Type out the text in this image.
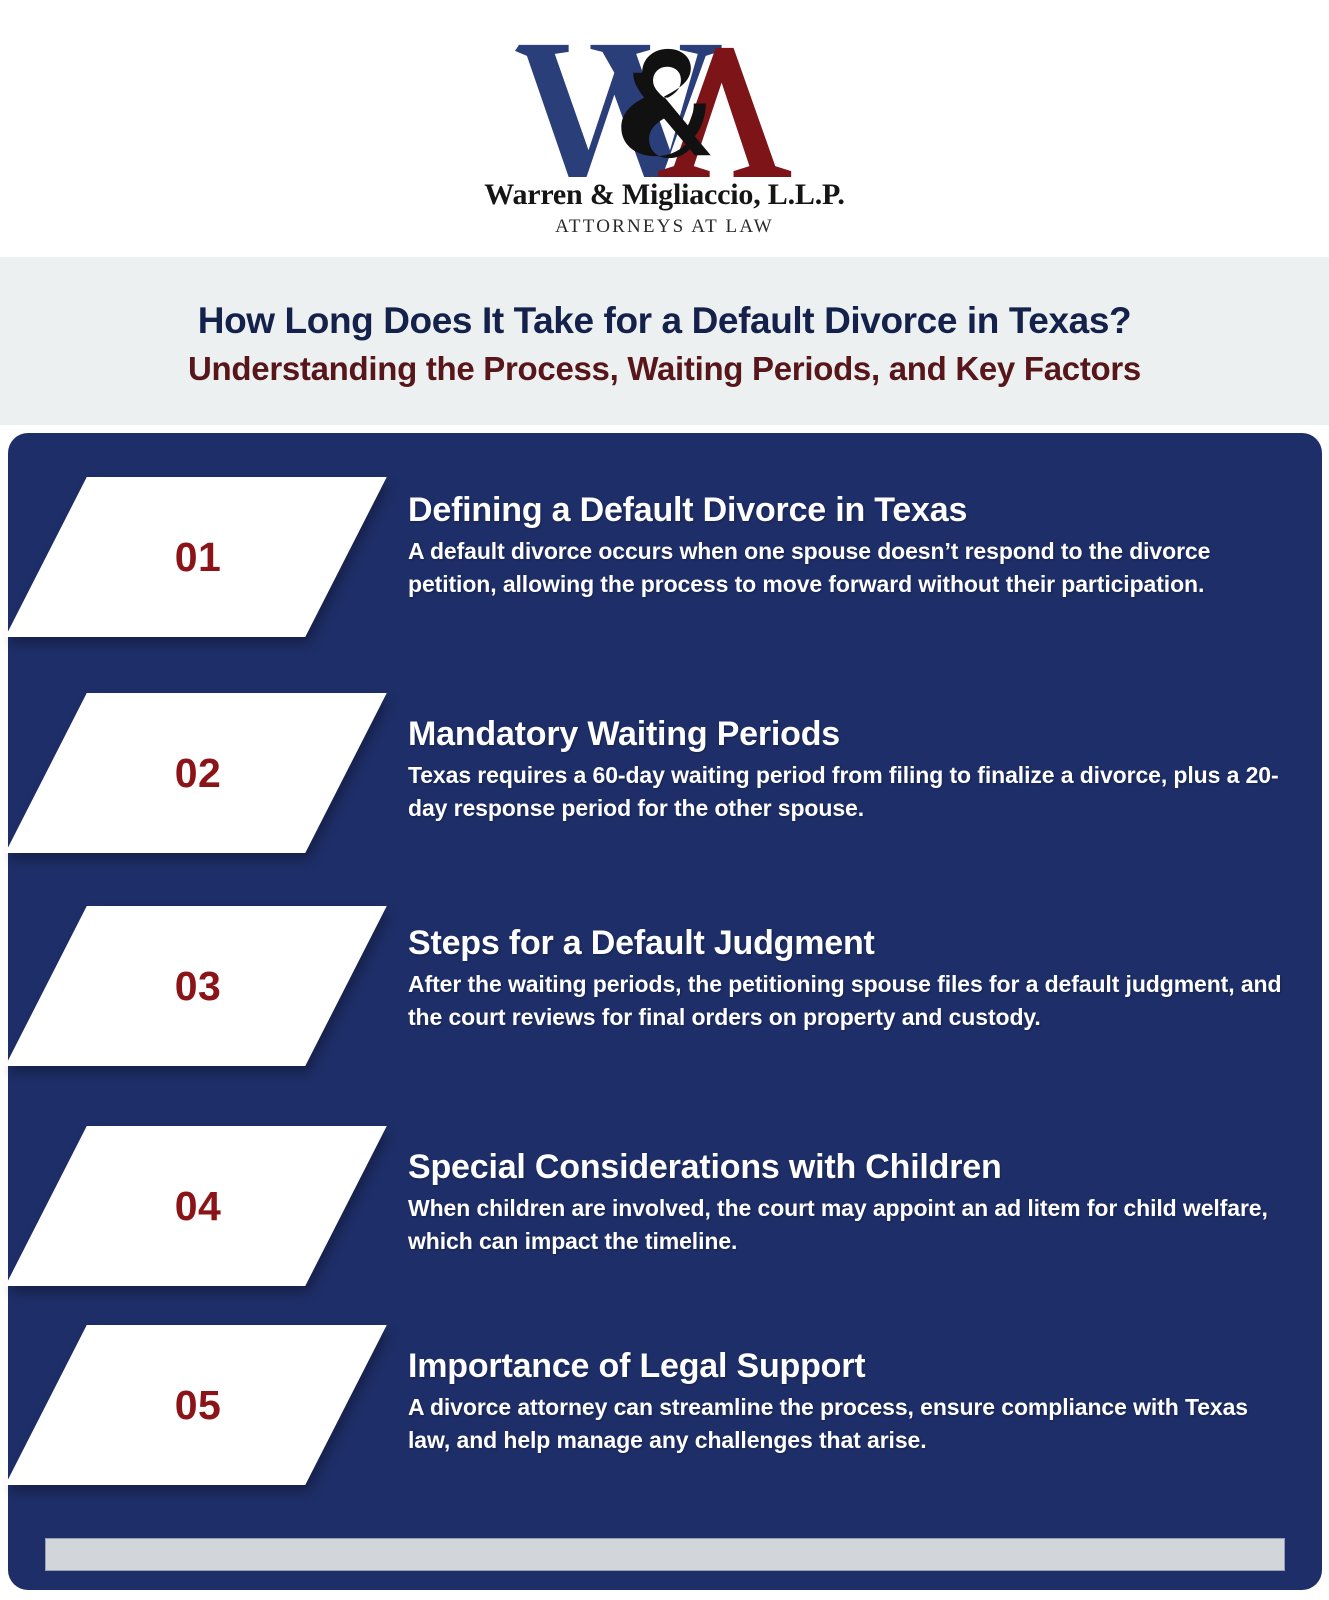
Warren & Migliaccio, L.L.P.
ATTORNEYS AT LAW
How Long Does It Take for a Default Divorce in Texas?
Understanding the Process, Waiting Periods, and Key Factors
01
Defining a Default Divorce in Texas
A default divorce occurs when one spouse doesn’t respond to the divorce petition, allowing the process to move forward without their participation.
02
Mandatory Waiting Periods
Texas requires a 60-day waiting period from filing to finalize a divorce, plus a 20-day response period for the other spouse.
03
Steps for a Default Judgment
After the waiting periods, the petitioning spouse files for a default judgment, and the court reviews for final orders on property and custody.
04
Special Considerations with Children
When children are involved, the court may appoint an ad litem for child welfare, which can impact the timeline.
05
Importance of Legal Support
A divorce attorney can streamline the process, ensure compliance with Texas law, and help manage any challenges that arise.
